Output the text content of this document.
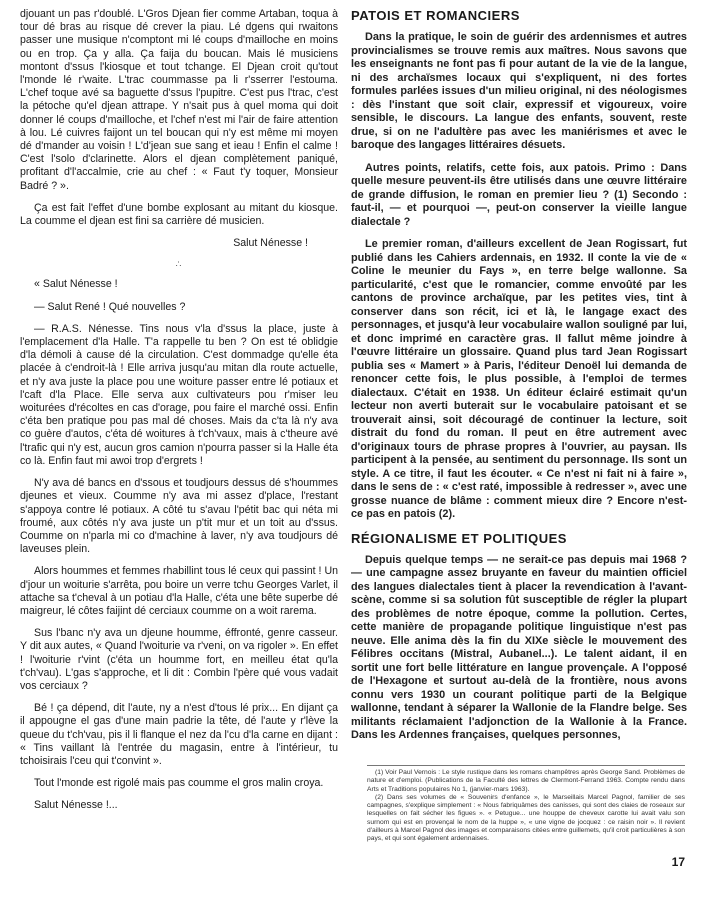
djouant un pas r'doublé. L'Gros Djean fier comme Artaban, toqua à tour dé bras au risque dé crever la piau. Lé dgens qui rwaitons passer une musique n'comptont mi lé coups d'mailloche en moins ou en trop. Ça y alla. Ça faija du boucan. Mais lé musiciens montont d'ssus l'kiosque et tout tchange. El Djean croit qu'tout l'monde lé r'waite. L'trac coummasse pa li r'sserrer l'estouma. L'chef toque avé sa baguette d'ssus l'pupitre. C'est pus l'trac, c'est la pétoche qu'el djean attrape. Y n'sait pus à quel moma qui doit donner lé coups d'mailloche, et l'chef n'est mi l'air de faire attention à lou. Lé cuivres faijont un tel boucan qui n'y est même mi moyen dé d'mander au voisin ! L'd'jean sue sang et ieau ! Enfin el calme ! C'est l'solo d'clarinette. Alors el djean complètement paniqué, profitant d'l'accalmie, crie au chef : « Faut t'y toquer, Monsieur Badré ? ».

Ça est fait l'effet d'une bombe explosant au mitant du kiosque. La coumme el djean est fini sa carrière dé musicien.

Salut Nénesse !

∴

« Salut Nénesse !

— Salut René ! Qué nouvelles ?

— R.A.S. Nénesse. Tins nous v'la d'ssus la place, juste à l'emplacement d'la Halle. T'a rappelle tu ben ? On est té oblidgie d'la démoli à cause dé la circulation. C'est dommadge qu'elle éta placée à c'endroit-là ! Elle arriva jusqu'au mitan dla route actuelle, et n'y ava juste la place pou une woiture passer entre lé potiaux et l'caft d'la Place. Elle serva aux cultivateurs pou r'miser leu woiturées d'récoltes en cas d'orage, pou faire el marché ossi. Enfin c'éta ben pratique pou pas mal dé choses. Mais da c'ta là n'y ava co guère d'autos, c'éta dé woitures à t'ch'vaux, mais à c'theure avé l'trafic qui n'y est, aucun gros camion n'pourra passer si la Halle éta co là. Enfin faut mi awoi trop d'ergrets !

N'y ava dé bancs en d'ssous et toudjours dessus dé s'hoummes djeunes et vieux. Coumme n'y ava mi assez d'place, l'restant s'appoya contre lé potiaux. A côté tu s'avau l'pétit bac qui néta mi froumé, aux côtés n'y ava juste un p'tit mur et un toit au d'ssus. Coumme on n'parla mi co d'machine à laver, n'y ava toudjours dé laveuses plein.

Alors hoummes et femmes rhabillint tous lé ceux qui passint ! Un d'jour un woiturie s'arrêta, pou boire un verre tchu Georges Varlet, il attache sa t'cheval à un potiau d'la Halle, c'éta une bête superbe dé maigreur, lé côtes faijint dé cerciaux coumme on a woit rarema.

Sus l'banc n'y ava un djeune houmme, éffronté, genre casseur. Y dit aux autes, « Quand l'woiturie va r'veni, on va rigoler ». En effet ! l'woiturie r'vint (c'éta un houmme fort, en meilleu état qu'la t'ch'vau). L'gas s'approche, et li dit : Combin l'père qué vous vadait vos cerciaux ?

Bé ! ça dépend, dit l'aute, ny a n'est d'tous lé prix... En dijant ça il appougne el gas d'une main padrie la tête, dé l'aute y r'lève la queue du t'ch'vau, pis il li flanque el nez da l'cu d'la carne en dijant : « Tins vaillant là l'entrée du magasin, entre à l'intérieur, tu tchoisirais l'ceu qui t'convint ».

Tout l'monde est rigolé mais pas coumme el gros malin croya.

Salut Nénesse !...

PATOIS ET ROMANCIERS

Dans la pratique, le soin de guérir des ardennismes et autres provincialismes se trouve remis aux maîtres. Nous savons que les enseignants ne font pas fi pour autant de la vie de la langue, ni des archaïsmes locaux qui s'expliquent, ni des fortes formules parlées issues d'un milieu original, ni des néologismes : dès l'instant que soit clair, expressif et vigoureux, voire sensible, le discours. La langue des enfants, souvent, reste drue, si on ne l'adultère pas avec les maniérismes et avec le baroque des langages littéraires désuets.

Autres points, relatifs, cette fois, aux patois. Primo : Dans quelle mesure peuvent-ils être utilisés dans une œuvre littéraire de grande diffusion, le roman en premier lieu ? (1) Secondo : faut-il, — et pourquoi —, peut-on conserver la vieille langue dialectale ?

Le premier roman, d'ailleurs excellent de Jean Rogissart, fut publié dans les Cahiers ardennais, en 1932. Il conte la vie de « Coline le meunier du Fays », en terre belge wallonne. Sa particularité, c'est que le romancier, comme envoûté par les cantons de province archaïque, par les petites vies, tint à conserver dans son récit, ici et là, le langage exact des personnages, et jusqu'à leur vocabulaire wallon souligné par lui, et donc imprimé en caractère gras. Il fallut même joindre à l'œuvre littéraire un glossaire. Quand plus tard Jean Rogissart publia ses « Mamert » à Paris, l'éditeur Denoël lui demanda de renoncer cette fois, le plus possible, à l'emploi de termes dialectaux. C'était en 1938. Un éditeur éclairé estimait qu'un lecteur non averti buterait sur le vocabulaire patoisant et se trouverait ainsi, soit découragé de continuer la lecture, soit distrait du fond du roman. Il peut en être autrement avec d'originaux tours de phrase propres à l'ouvrier, au paysan. Ils participent à la pensée, au sentiment du personnage. Ils sont un style. A ce titre, il faut les écouter. « Ce n'est ni fait ni à faire », dans le sens de : « c'est raté, impossible à redresser », avec une grosse nuance de blâme : comment mieux dire ? Encore n'est-ce pas en patois (2).

RÉGIONALISME ET POLITIQUES

Depuis quelque temps — ne serait-ce pas depuis mai 1968 ? — une campagne assez bruyante en faveur du maintien officiel des langues dialectales tient à placer la revendication à l'avant-scène, comme si sa solution fût susceptible de régler la plupart des problèmes de notre époque, comme la pollution. Certes, cette manière de propagande politique linguistique n'est pas neuve. Elle anima dès la fin du XIXe siècle le mouvement des Félibres occitans (Mistral, Aubanel...). Le talent aidant, il en sortit une fort belle littérature en langue provençale. A l'opposé de l'Hexagone et surtout au-delà de la frontière, nous avons connu vers 1930 un courant politique parti de la Belgique wallonne, tendant à séparer la Wallonie de la Flandre belge. Ses militants réclamaient l'adjonction de la Wallonie à la France. Dans les Ardennes françaises, quelques personnes,

(1) Voir Paul Vernois : Le style rustique dans les romans champêtres après George Sand. Problèmes de nature et d'emploi. (Publications de la Faculté des lettres de Clermont-Ferrand 1963. Compte rendu dans Arts et Traditions populaires No 1, (janvier-mars 1963).

(2) Dans ses volumes de « Souvenirs d'enfance », le Marseillais Marcel Pagnol, familier de ses campagnes, s'explique simplement : « Nous fabriquâmes des canisses, qui sont des claies de roseaux sur lesquelles on fait sécher les figues ». « Petugue... une houppe de cheveux carotte lui avait valu son surnom qui est en provençal le nom de la huppe », « une vigne de jocquez : ce raisin noir ». Il revient d'ailleurs à Marcel Pagnol des images et comparaisons citées entre guillemets, qu'il croit particulières à son pays, et qui sont également ardennaises.

17
